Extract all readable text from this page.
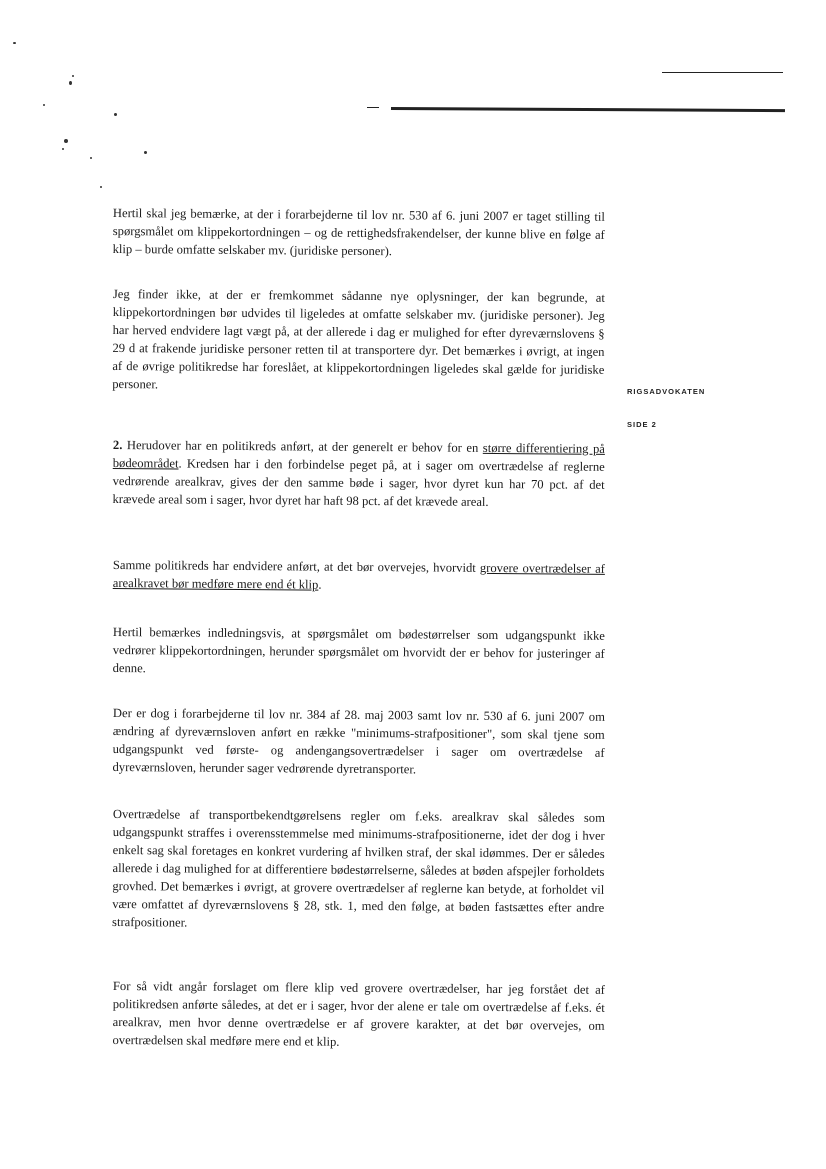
RIGSADVOKATEN
SIDE 2
Hertil skal jeg bemærke, at der i forarbejderne til lov nr. 530 af 6. juni 2007 er taget stilling til spørgsmålet om klippekortordningen – og de rettighedsfrakendelser, der kunne blive en følge af klip – burde omfatte selskaber mv. (juridiske personer).
Jeg finder ikke, at der er fremkommet sådanne nye oplysninger, der kan begrunde, at klippekortordningen bør udvides til ligeledes at omfatte selskaber mv. (juridiske personer). Jeg har herved endvidere lagt vægt på, at der allerede i dag er mulighed for efter dyreværnslovens § 29 d at frakende juridiske personer retten til at transportere dyr. Det bemærkes i øvrigt, at ingen af de øvrige politikredse har foreslået, at klippekortordningen ligeledes skal gælde for juridiske personer.
2. Herudover har en politikreds anført, at der generelt er behov for en større differentiering på bødeområdet. Kredsen har i den forbindelse peget på, at i sager om overtrædelse af reglerne vedrørende arealkrav, gives der den samme bøde i sager, hvor dyret kun har 70 pct. af det krævede areal som i sager, hvor dyret har haft 98 pct. af det krævede areal.
Samme politikreds har endvidere anført, at det bør overvejes, hvorvidt grovere overtrædelser af arealkravet bør medføre mere end ét klip.
Hertil bemærkes indledningsvis, at spørgsmålet om bødestørrelser som udgangspunkt ikke vedrører klippekortordningen, herunder spørgsmålet om hvorvidt der er behov for justeringer af denne.
Der er dog i forarbejderne til lov nr. 384 af 28. maj 2003 samt lov nr. 530 af 6. juni 2007 om ændring af dyreværnsloven anført en række "minimums-strafpositioner", som skal tjene som udgangspunkt ved første- og andengangsovertrædelser i sager om overtrædelse af dyreværnsloven, herunder sager vedrørende dyretransporter.
Overtrædelse af transportbekendtgørelsens regler om f.eks. arealkrav skal således som udgangspunkt straffes i overensstemmelse med minimums-strafpositionerne, idet der dog i hver enkelt sag skal foretages en konkret vurdering af hvilken straf, der skal idømmes. Der er således allerede i dag mulighed for at differentiere bødestørrelserne, således at bøden afspejler forholdets grovhed. Det bemærkes i øvrigt, at grovere overtrædelser af reglerne kan betyde, at forholdet vil være omfattet af dyreværnslovens § 28, stk. 1, med den følge, at bøden fastsættes efter andre strafpositioner.
For så vidt angår forslaget om flere klip ved grovere overtrædelser, har jeg forstået det af politikredsen anførte således, at det er i sager, hvor der alene er tale om overtrædelse af f.eks. ét arealkrav, men hvor denne overtrædelse er af grovere karakter, at det bør overvejes, om overtrædelsen skal medføre mere end et klip.
